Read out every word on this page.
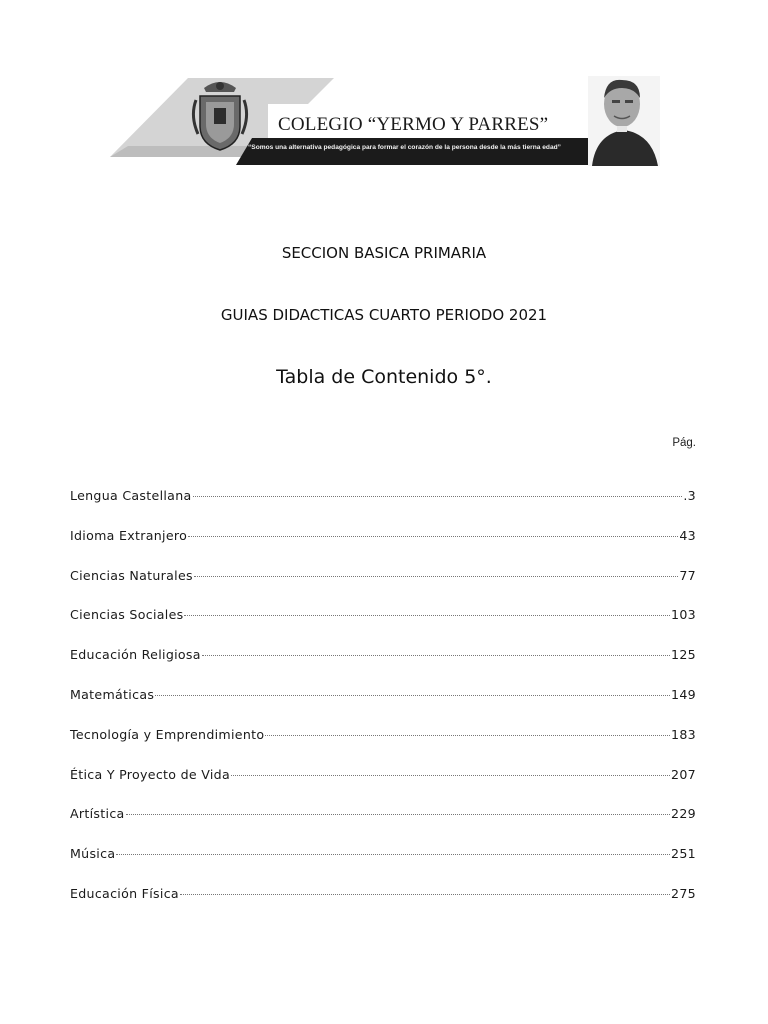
COLEGIO “YERMO Y PARRES”
“Somos una alternativa pedagógica para formar el corazón de la persona desde la más tierna edad”
SECCION BASICA PRIMARIA
GUIAS DIDACTICAS CUARTO PERIODO 2021
Tabla de Contenido 5°.
Pág.
Lengua Castellana	.3
Idioma Extranjero	43
Ciencias Naturales	77
Ciencias Sociales	103
Educación Religiosa	125
Matemáticas	149
Tecnología y Emprendimiento	183
Ética Y Proyecto de Vida	207
Artística	229
Música	251
Educación Física	275
